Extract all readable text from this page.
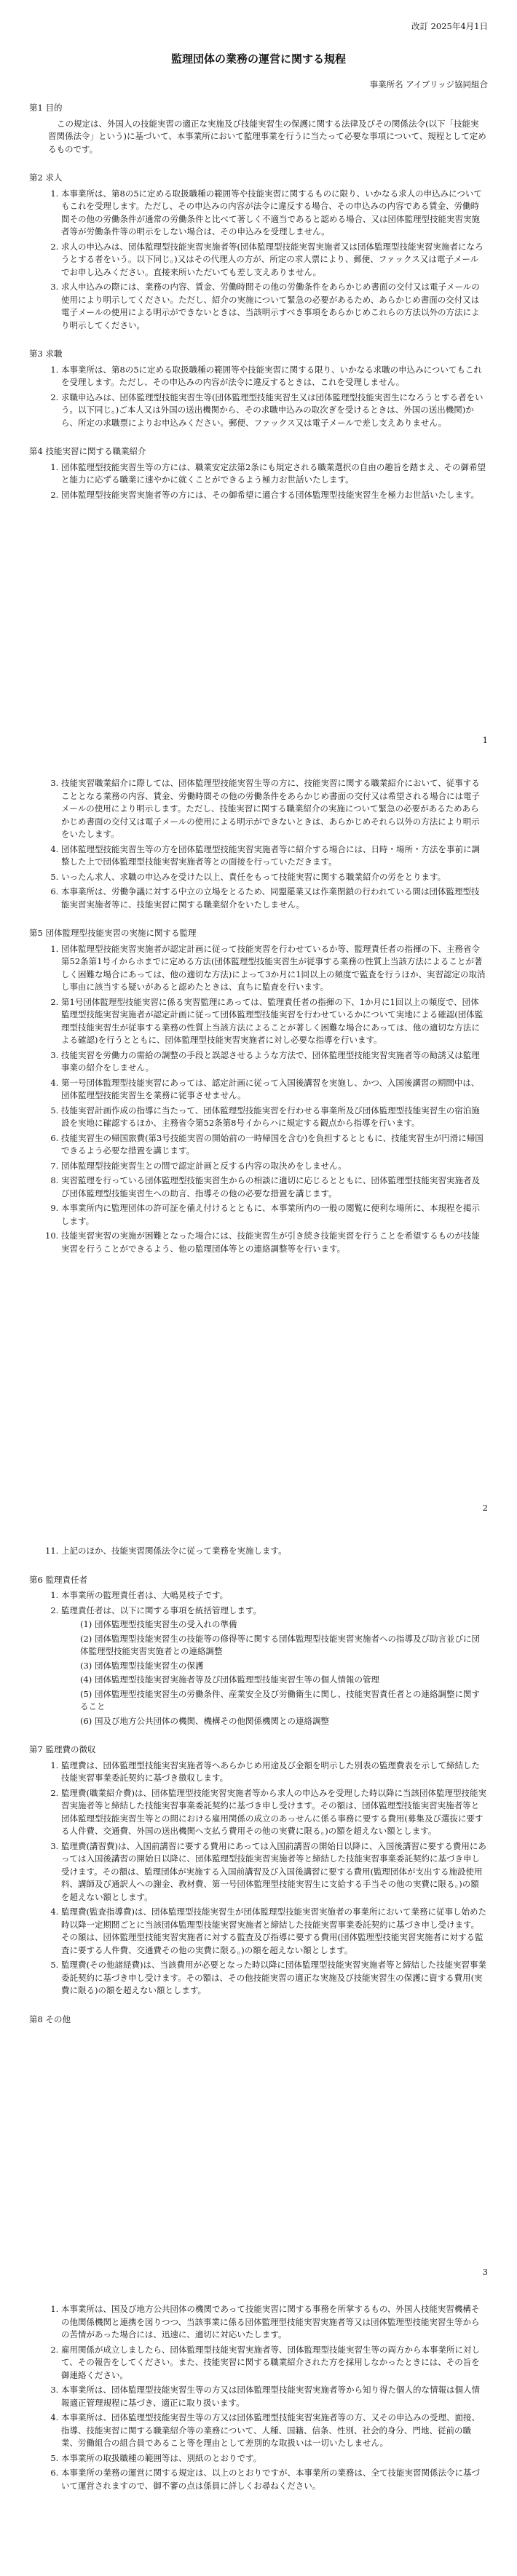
改訂 2025年4月1日
監理団体の業務の運営に関する規程
事業所名 アイブリッジ協同組合
第1 目的
この規定は、外国人の技能実習の適正な実施及び技能実習生の保護に関する法律及びその関係法令(以下「技能実習関係法令」という)に基づいて、本事業所において監理事業を行うに当たって必要な事項について、規程として定めるものです。
第2 求人
1. 本事業所は、第8の5に定める取扱職種の範囲等や技能実習に関するものに限り、いかなる求人の申込みについてもこれを受理します。ただし、その申込みの内容が法令に違反する場合、その申込みの内容である賃金、労働時間その他の労働条件が通常の労働条件と比べて著しく不適当であると認める場合、又は団体監理型技能実習実施者等が労働条件等の明示をしない場合は、その申込みを受理しません。
2. 求人の申込みは、団体監理型技能実習実施者等(団体監理型技能実習実施者又は団体監理型技能実習実施者になろうとする者をいう。以下同じ。)又はその代理人の方が、所定の求人票により、郵便、ファックス又は電子メールでお申し込みください。直接来所いただいても差し支えありません。
3. 求人申込みの際には、業務の内容、賃金、労働時間その他の労働条件をあらかじめ書面の交付又は電子メールの使用により明示してください。ただし、紹介の実施について緊急の必要があるため、あらかじめ書面の交付又は電子メールの使用による明示ができないときは、当該明示すべき事項をあらかじめこれらの方法以外の方法により明示してください。
第3 求職
1. 本事業所は、第8の5に定める取扱職種の範囲等や技能実習に関する限り、いかなる求職の申込みについてもこれを受理します。ただし、その申込みの内容が法令に違反するときは、これを受理しません。
2. 求職申込みは、団体監理型技能実習生等(団体監理型技能実習生又は団体監理型技能実習生になろうとする者をいう。以下同じ。)ご本人又は外国の送出機関から、その求職申込みの取次ぎを受けるときは、外国の送出機関)から、所定の求職票によりお申込みください。郵便、ファックス又は電子メールで差し支えありません。
第4 技能実習に関する職業紹介
1. 団体監理型技能実習生等の方には、職業安定法第2条にも規定される職業選択の自由の趣旨を踏まえ、その御希望と能力に応ずる職業に速やかに就くことができるよう極力お世話いたします。
2. 団体監理型技能実習実施者等の方には、その御希望に適合する団体監理型技能実習生を極力お世話いたします。
1
3. 技能実習職業紹介に際しては、団体監理型技能実習生等の方に、技能実習に関する職業紹介において、従事することとなる業務の内容、賃金、労働時間その他の労働条件をあらかじめ書面の交付又は希望される場合には電子メールの使用により明示します。ただし、技能実習に関する職業紹介の実施について緊急の必要があるためあらかじめ書面の交付又は電子メールの使用による明示ができないときは、あらかじめそれら以外の方法により明示をいたします。
4. 団体監理型技能実習生等の方を団体監理型技能実習実施者等に紹介する場合には、日時・場所・方法を事前に調整した上で団体監理型技能実習実施者等との面接を行っていただきます。
5. いったん求人、求職の申込みを受けた以上、責任をもって技能実習に関する職業紹介の労をとります。
6. 本事業所は、労働争議に対する中立の立場をとるため、同盟罷業又は作業閉鎖の行われている間は団体監理型技能実習実施者等に、技能実習に関する職業紹介をいたしません。
第5 団体監理型技能実習の実施に関する監理
1. 団体監理型技能実習実施者が認定計画に従って技能実習を行わせているか等、監理責任者の指揮の下、主務省令第52条第1号イからホまでに定める方法(団体監理型技能実習生が従事する業務の性質上当該方法によることが著しく困難な場合にあっては、他の適切な方法)によって3か月に1回以上の頻度で監査を行うほか、実習認定の取消し事由に該当する疑いがあると認めたときは、直ちに監査を行います。
2. 第1号団体監理型技能実習に係る実習監理にあっては、監理責任者の指揮の下、1か月に1回以上の頻度で、団体監理型技能実習実施者が認定計画に従って団体監理型技能実習を行わせているかについて実地による確認(団体監理型技能実習生が従事する業務の性質上当該方法によることが著しく困難な場合にあっては、他の適切な方法による確認)を行うとともに、団体監理型技能実習実施者に対し必要な指導を行います。
3. 技能実習を労働力の需給の調整の手段と誤認させるような方法で、団体監理型技能実習実施者等の勧誘又は監理事業の紹介をしません。
4. 第一号団体監理型技能実習にあっては、認定計画に従って入国後講習を実施し、かつ、入国後講習の期間中は、団体監理型技能実習生を業務に従事させません。
5. 技能実習計画作成の指導に当たって、団体監理型技能実習を行わせる事業所及び団体監理型技能実習生の宿泊施設を実地に確認するほか、主務省令第52条第8号イからハに規定する観点から指導を行います。
6. 技能実習生の帰国旅費(第3号技能実習の開始前の一時帰国を含む)を負担するとともに、技能実習生が円滑に帰国できるよう必要な措置を講じます。
7. 団体監理型技能実習生との間で認定計画と反する内容の取決めをしません。
8. 実習監理を行っている団体監理型技能実習生からの相談に適切に応じるとともに、団体監理型技能実習実施者及び団体監理型技能実習生への助言、指導その他の必要な措置を講じます。
9. 本事業所内に監理団体の許可証を備え付けるとともに、本事業所内の一般の閲覧に便利な場所に、本規程を掲示します。
10. 技能実習実習の実施が困難となった場合には、技能実習生が引き続き技能実習を行うことを希望するものが技能実習を行うことができるよう、他の監理団体等との連絡調整等を行います。
2
11. 上記のほか、技能実習関係法令に従って業務を実施します。
第6 監理責任者
1. 本事業所の監理責任者は、大嶋晃枝子です。
2. 監理責任者は、以下に関する事項を統括管理します。
(1) 団体監理型技能実習生の受入れの準備
(2) 団体監理型技能実習生の技能等の修得等に関する団体監理型技能実習実施者への指導及び助言並びに団体監理型技能実習実施者との連絡調整
(3) 団体監理型技能実習生の保護
(4) 団体監理型技能実習実施者等及び団体監理型技能実習生等の個人情報の管理
(5) 団体監理型技能実習生の労働条件、産業安全及び労働衛生に関し、技能実習責任者との連絡調整に関すること
(6) 国及び地方公共団体の機関、機構その他関係機関との連絡調整
第7 監理費の徴収
1. 監理費は、団体監理型技能実習実施者等へあらかじめ用途及び金額を明示した別表の監理費表を示して締結した技能実習事業委託契約に基づき徴収します。
2. 監理費(職業紹介費)は、団体監理型技能実習実施者等から求人の申込みを受理した時以降に当該団体監理型技能実習実施者等と締結した技能実習事業委託契約に基づき申し受けます。その額は、団体監理型技能実習実施者等と団体監理型技能実習生等との間における雇用関係の成立のあっせんに係る事務に要する費用(募集及び選抜に要する人件費、交通費、外国の送出機関へ支払う費用その他の実費に限る。)の額を超えない額とします。
3. 監理費(講習費)は、入国前講習に要する費用にあっては入国前講習の開始日以降に、入国後講習に要する費用にあっては入国後講習の開始日以降に、団体監理型技能実習実施者等と締結した技能実習事業委託契約に基づき申し受けます。その額は、監理団体が実施する入国前講習及び入国後講習に要する費用(監理団体が支出する施設使用料、講師及び通訳人への謝金、教材費、第一号団体監理型技能実習生に支給する手当その他の実費に限る。)の額を超えない額とします。
4. 監理費(監査指導費)は、団体監理型技能実習生が団体監理型技能実習実施者の事業所において業務に従事し始めた時以降一定期間ごとに当該団体監理型技能実習実施者と締結した技能実習事業委託契約に基づき申し受けます。その額は、団体監理型技能実習実施者に対する監査及び指導に要する費用(団体監理型技能実習実施者に対する監査に要する人件費、交通費その他の実費に限る。)の額を超えない額とします。
5. 監理費(その他諸経費)は、当該費用が必要となった時以降に団体監理型技能実習実施者等と締結した技能実習事業委託契約に基づき申し受けます。その額は、その他技能実習の適正な実施及び技能実習生の保護に資する費用(実費に限る)の額を超えない額とします。
第8 その他
3
1. 本事業所は、国及び地方公共団体の機関であって技能実習に関する事務を所掌するもの、外国人技能実習機構その他関係機関と連携を図りつつ、当該事業に係る団体監理型技能実習実施者等又は団体監理型技能実習生等からの苦情があった場合には、迅速に、適切に対応いたします。
2. 雇用関係が成立しましたら、団体監理型技能実習実施者等、団体監理型技能実習生等の両方から本事業所に対して、その報告をしてください。また、技能実習に関する職業紹介された方を採用しなかったときには、その旨を御連絡ください。
3. 本事業所は、団体監理型技能実習生等の方又は団体監理型技能実習実施者等から知り得た個人的な情報は個人情報適正管理規程に基づき、適正に取り扱います。
4. 本事業所は、団体監理型技能実習生等の方又は団体監理型技能実習実施者等の方、又その申込みの受理、面接、指導、技能実習に関する職業紹介等の業務について、人種、国籍、信条、性別、社会的身分、門地、従前の職業、労働組合の組合員であること等を理由として差別的な取扱いは一切いたしません。
5. 本事業所の取扱職種の範囲等は、別紙のとおりです。
6. 本事業所の業務の運営に関する規定は、以上のとおりですが、本事業所の業務は、全て技能実習関係法令に基づいて運営されますので、御不審の点は係員に詳しくお尋ねください。
